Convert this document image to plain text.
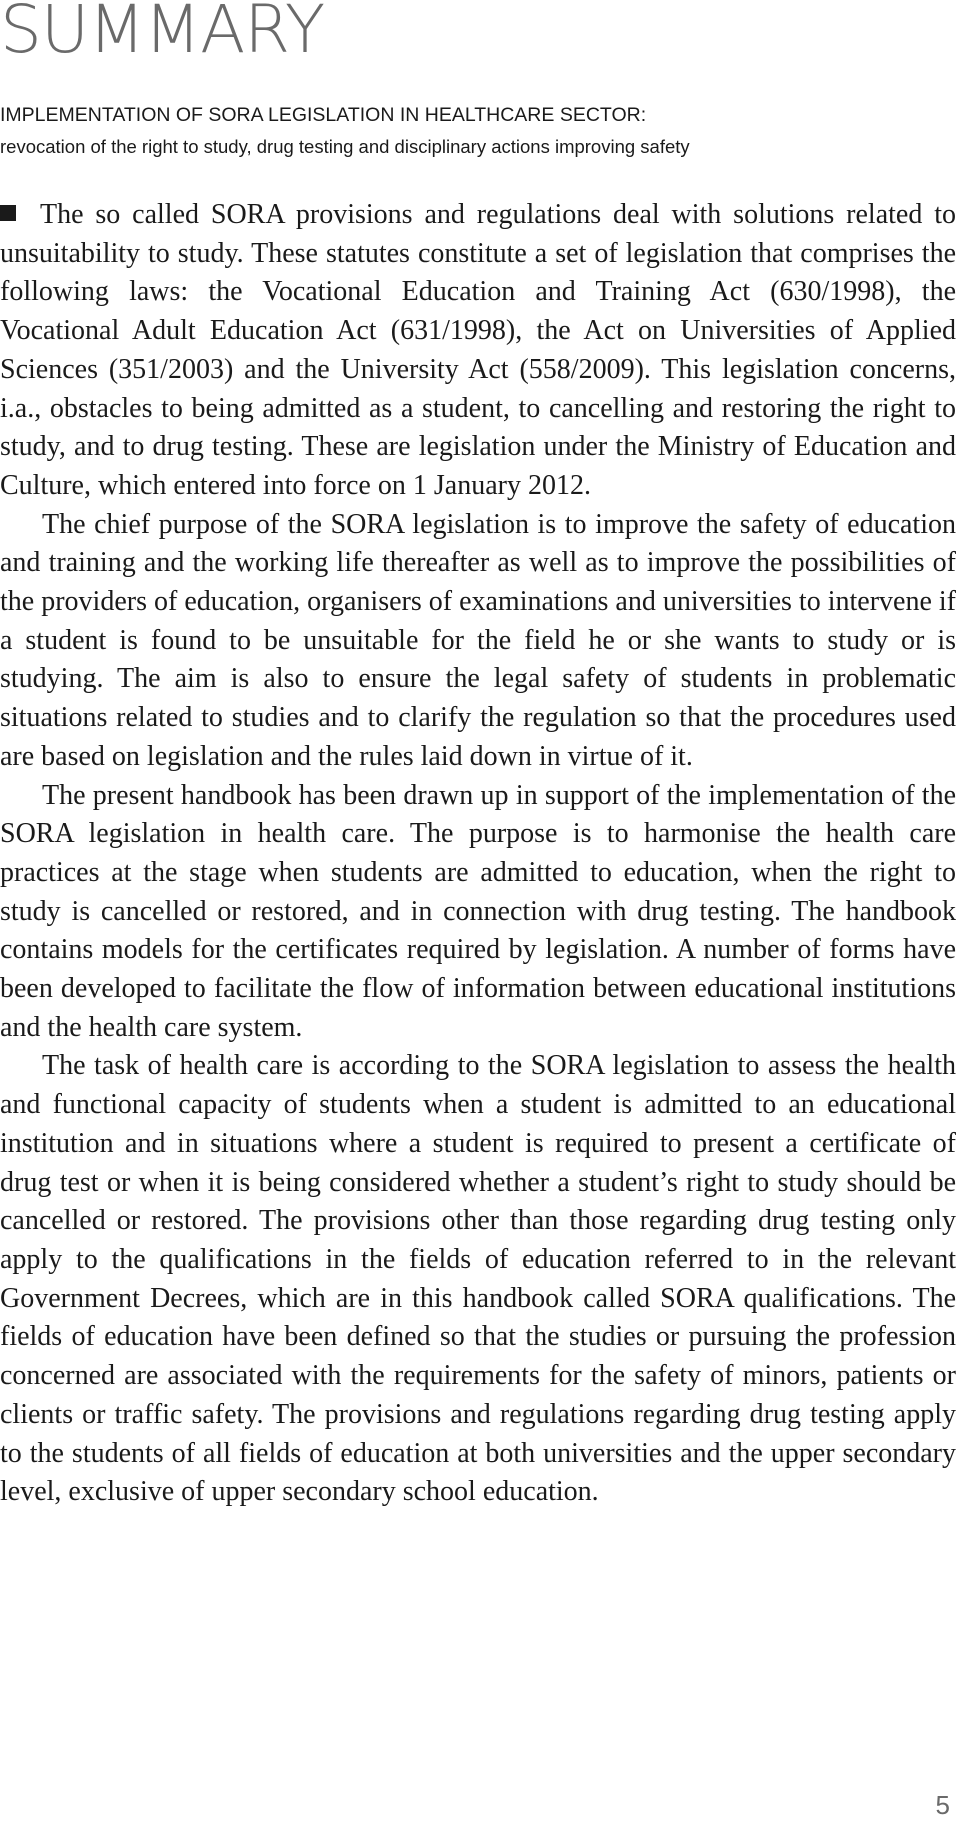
SUMMARY
IMPLEMENTATION OF SORA LEGISLATION IN HEALTHCARE SECTOR:
revocation of the right to study, drug testing and disciplinary actions improving safety

The so called SORA provisions and regulations deal with solutions related to unsuitability to study. These statutes constitute a set of legislation that comprises the following laws: the Vocational Education and Training Act (630/1998), the Vocational Adult Education Act (631/1998), the Act on Universities of Applied Sciences (351/2003) and the University Act (558/2009). This legislation concerns, i.a., obstacles to being admitted as a student, to cancelling and restoring the right to study, and to drug testing. These are legislation under the Ministry of Education and Culture, which entered into force on 1 January 2012.

The chief purpose of the SORA legislation is to improve the safety of education and training and the working life thereafter as well as to improve the possibilities of the providers of education, organisers of examinations and universities to intervene if a student is found to be unsuitable for the field he or she wants to study or is studying. The aim is also to ensure the legal safety of students in problematic situations related to studies and to clarify the regulation so that the procedures used are based on legislation and the rules laid down in virtue of it.

The present handbook has been drawn up in support of the implementation of the SORA legislation in health care. The purpose is to harmonise the health care practices at the stage when students are admitted to education, when the right to study is cancelled or restored, and in connection with drug testing. The handbook contains models for the certificates required by legislation. A number of forms have been developed to facilitate the flow of information between educational institutions and the health care system.

The task of health care is according to the SORA legislation to assess the health and functional capacity of students when a student is admitted to an educational institution and in situations where a student is required to present a certificate of drug test or when it is being considered whether a student’s right to study should be cancelled or restored. The provisions other than those regarding drug testing only apply to the qualifications in the fields of education referred to in the relevant Government Decrees, which are in this handbook called SORA qualifications. The fields of education have been defined so that the studies or pursuing the profession concerned are associated with the requirements for the safety of minors, patients or clients or traffic safety. The provisions and regulations regarding drug testing apply to the students of all fields of education at both universities and the upper secondary level, exclusive of upper secondary school education.

5
